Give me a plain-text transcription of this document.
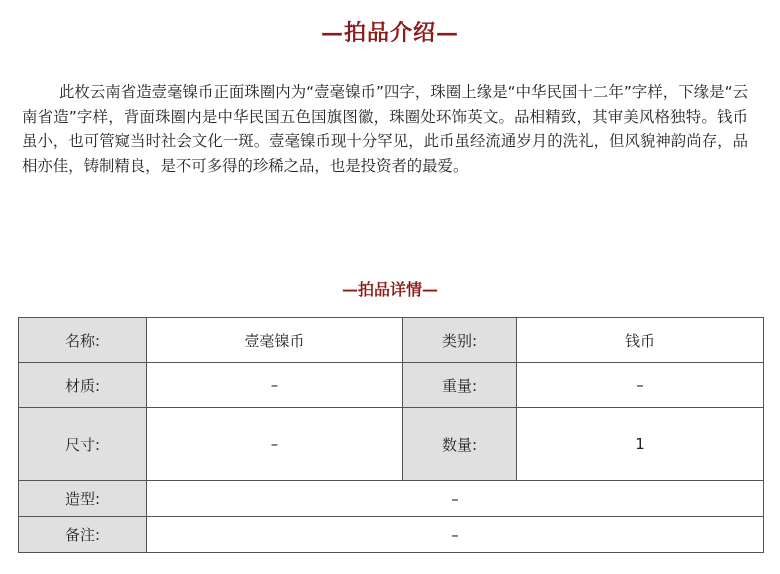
—拍品介绍—

此枚云南省造壹毫镍币正面珠圈内为“壹毫镍币”四字，珠圈上缘是“中华民国十二年”字样，下缘是“云南省造”字样，背面珠圈内是中华民国五色国旗图徽，珠圈处环饰英文。品相精致，其审美风格独特。钱币虽小，也可管窥当时社会文化一斑。壹毫镍币现十分罕见，此币虽经流通岁月的洗礼，但风貌神韵尚存，品相亦佳，铸制精良，是不可多得的珍稀之品，也是投资者的最爱。

—拍品详情—
名称:	壹毫镍币	类别:	钱币
材质:	–	重量:	–
尺寸:	–	数量:	1
造型:	–		
备注:	–		
